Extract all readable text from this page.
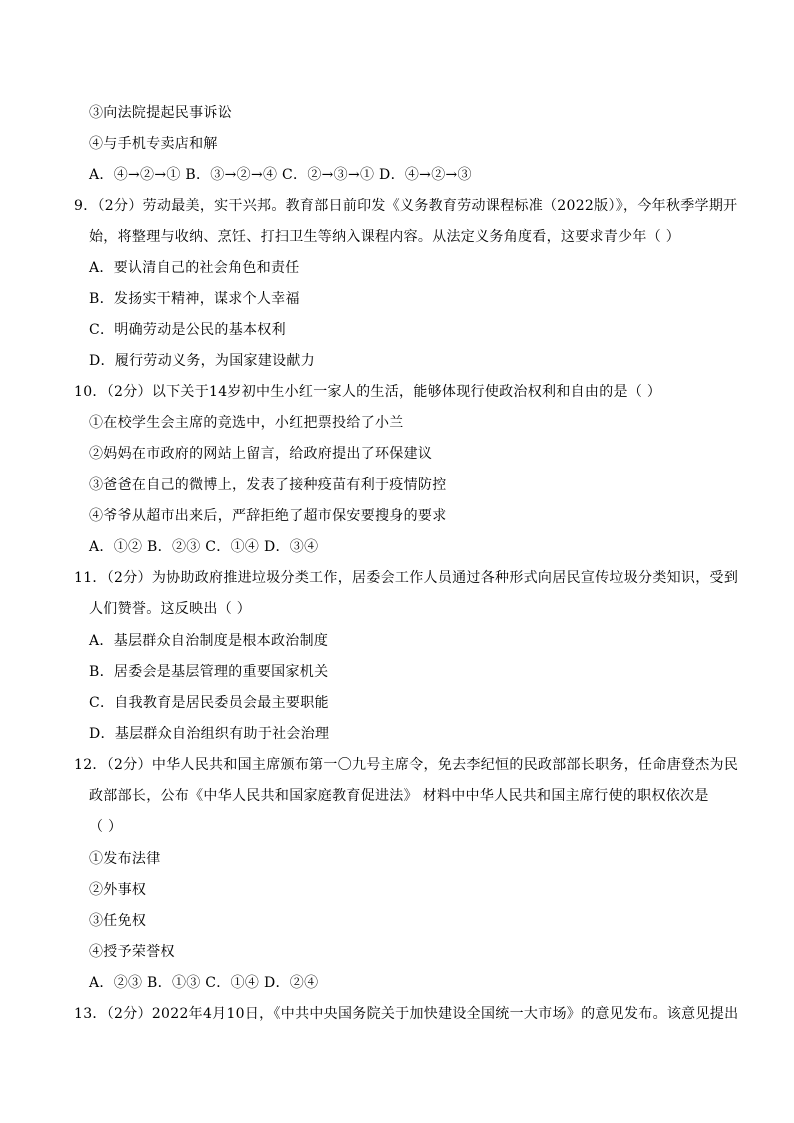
③向法院提起民事诉讼
④与手机专卖店和解
A．④→②→① B．③→②→④ C．②→③→① D．④→②→③
9．（2分）劳动最美，实干兴邦。教育部日前印发《义务教育劳动课程标准（2022版）》，今年秋季学期开
始，将整理与收纳、烹饪、打扫卫生等纳入课程内容。从法定义务角度看，这要求青少年（ ）
A．要认清自己的社会角色和责任
B．发扬实干精神，谋求个人幸福
C．明确劳动是公民的基本权利
D．履行劳动义务，为国家建设献力
10．（2分）以下关于14岁初中生小红一家人的生活，能够体现行使政治权利和自由的是（ ）
①在校学生会主席的竞选中，小红把票投给了小兰
②妈妈在市政府的网站上留言，给政府提出了环保建议
③爸爸在自己的微博上，发表了接种疫苗有利于疫情防控
④爷爷从超市出来后，严辞拒绝了超市保安要搜身的要求
A．①② B．②③ C．①④ D．③④
11．（2分）为协助政府推进垃圾分类工作，居委会工作人员通过各种形式向居民宣传垃圾分类知识，受到
人们赞誉。这反映出（ ）
A．基层群众自治制度是根本政治制度
B．居委会是基层管理的重要国家机关
C．自我教育是居民委员会最主要职能
D．基层群众自治组织有助于社会治理
12．（2分）中华人民共和国主席颁布第一〇九号主席令，免去李纪恒的民政部部长职务，任命唐登杰为民
政部部长，公布《中华人民共和国家庭教育促进法》 材料中中华人民共和国主席行使的职权依次是
（ ）
①发布法律
②外事权
③任免权
④授予荣誉权
A．②③ B．①③ C．①④ D．②④
13．（2分）2022年4月10日，《中共中央国务院关于加快建设全国统一大市场》的意见发布。该意见提出
